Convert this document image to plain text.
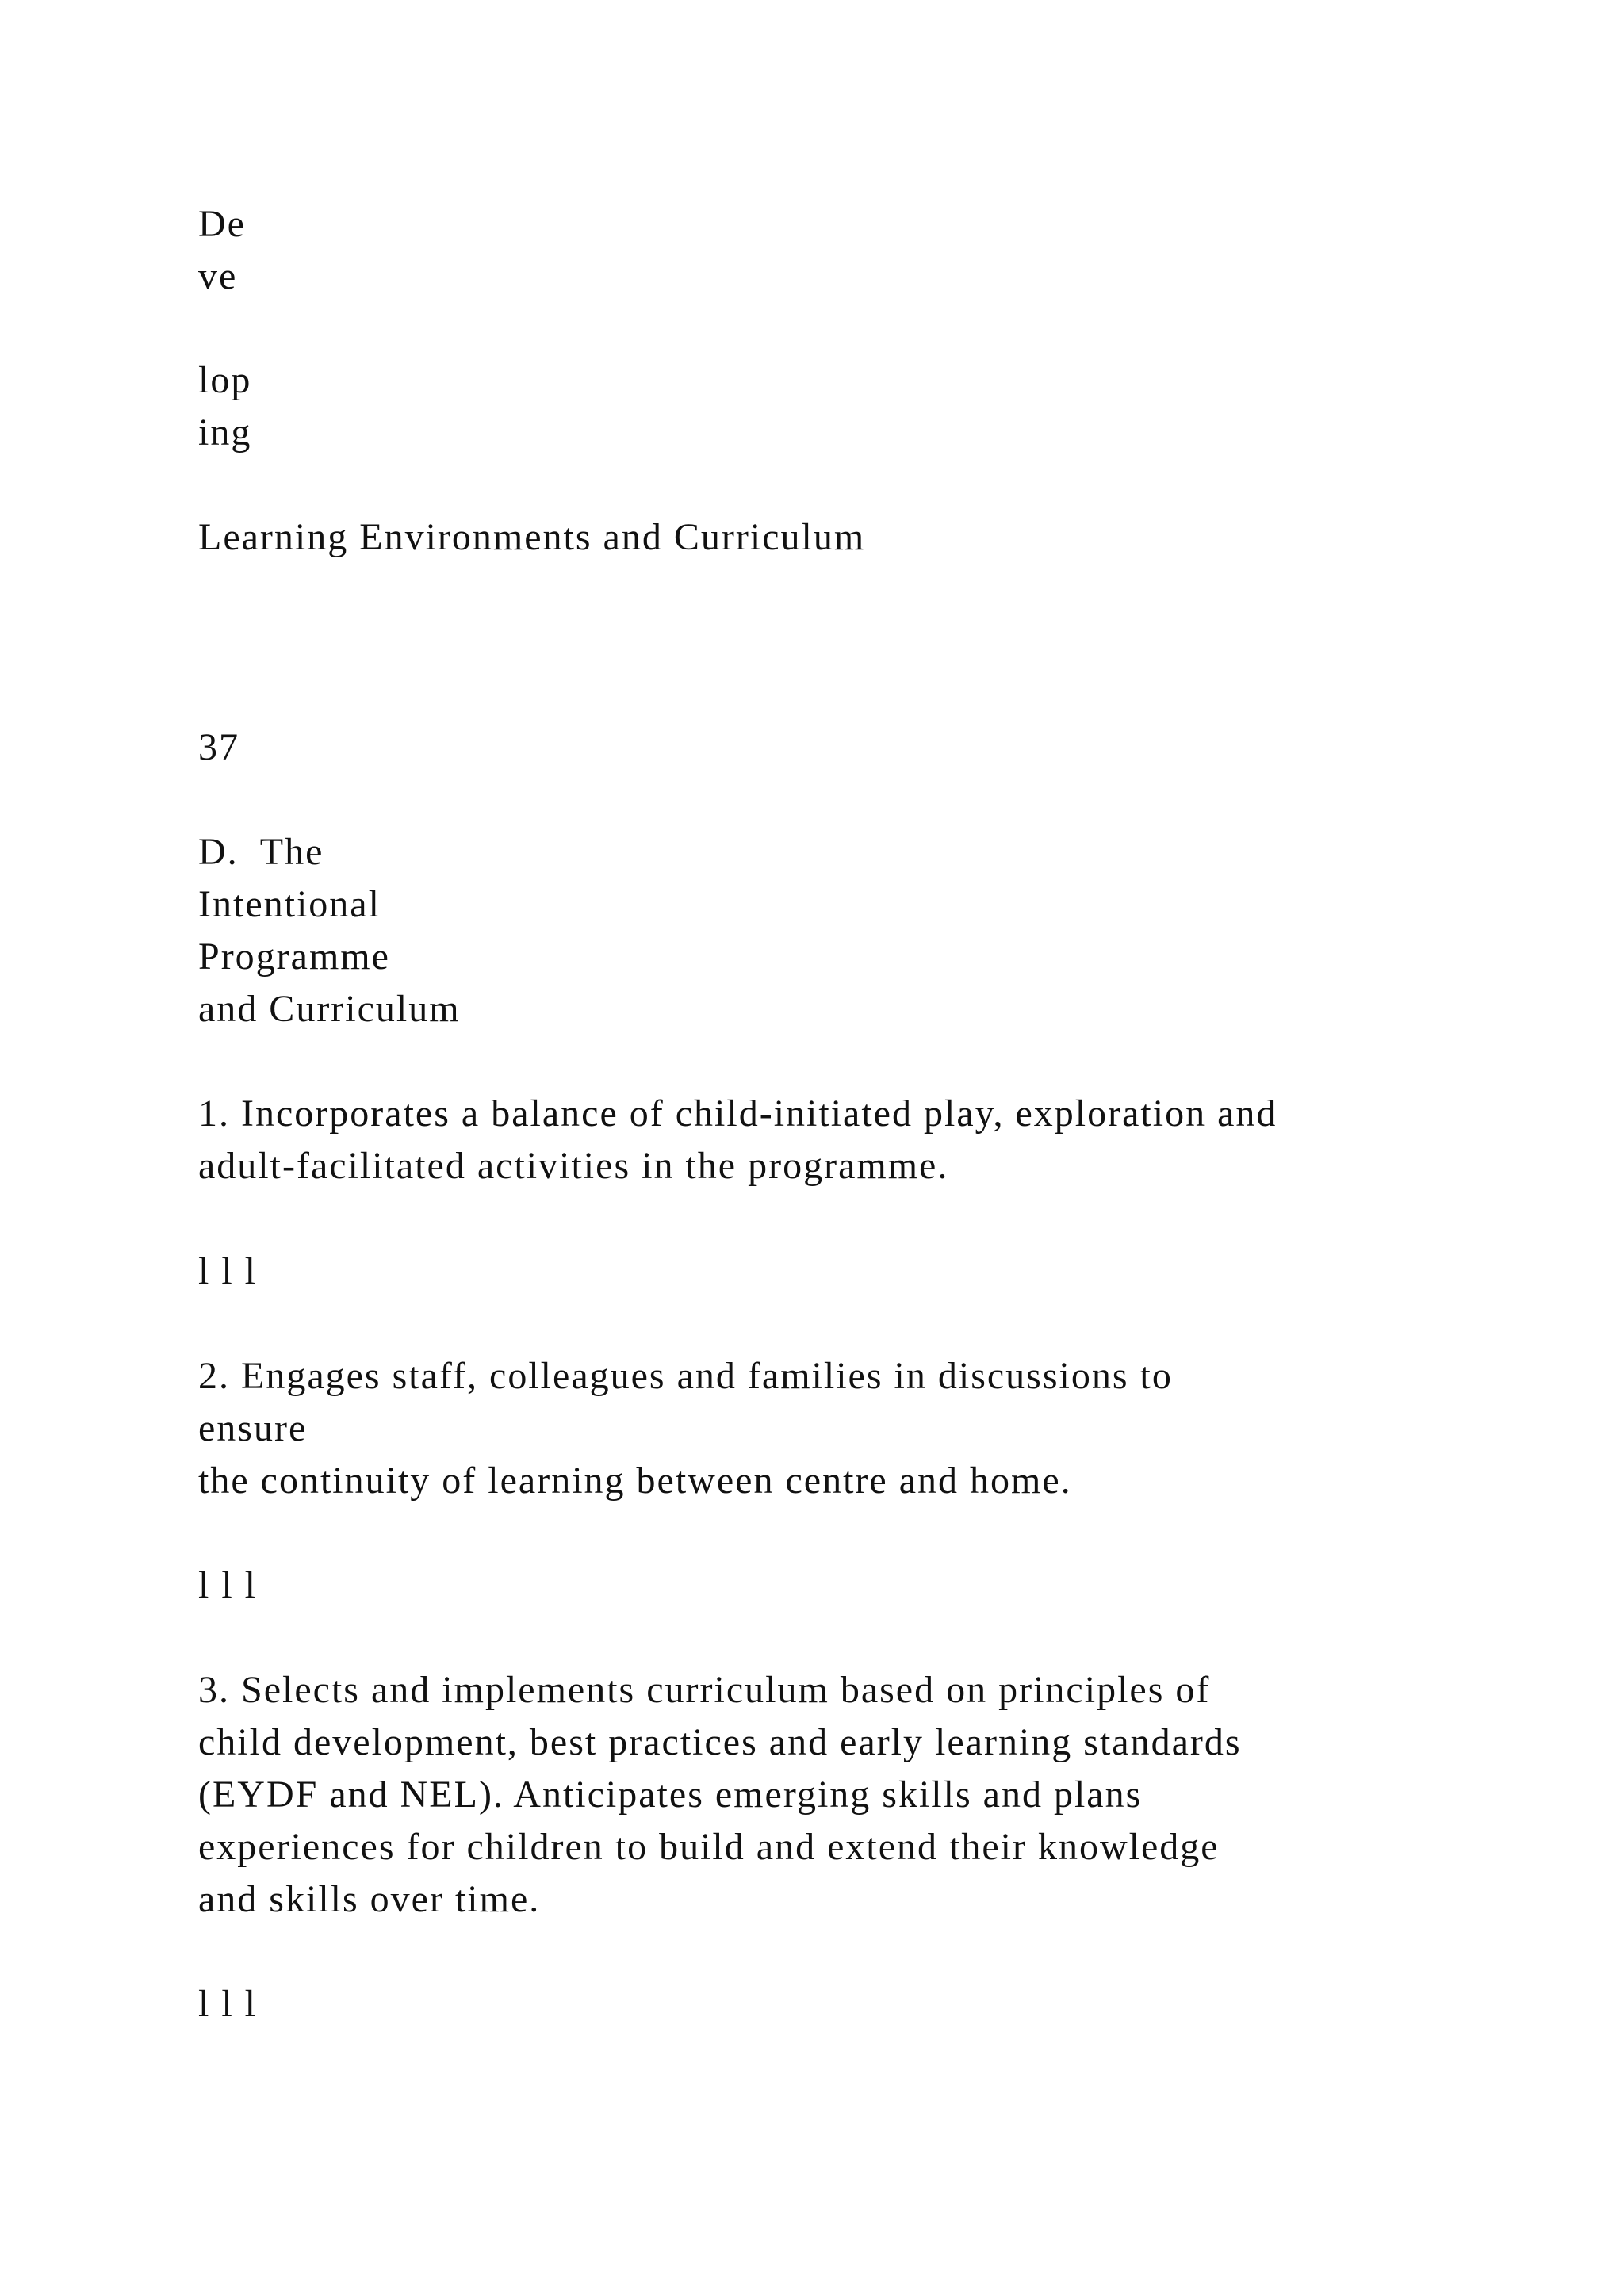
De

ve

lop

ing

Learning Environments and Curriculum

37

D.  The

Intentional

Programme

and Curriculum

1. Incorporates a balance of child-initiated play, exploration and

adult-facilitated activities in the programme.

l l l

2. Engages staff, colleagues and families in discussions to

ensure

the continuity of learning between centre and home.

l l l

3. Selects and implements curriculum based on principles of

child development, best practices and early learning standards

(EYDF and NEL). Anticipates emerging skills and plans

experiences for children to build and extend their knowledge

and skills over time.

l l l
